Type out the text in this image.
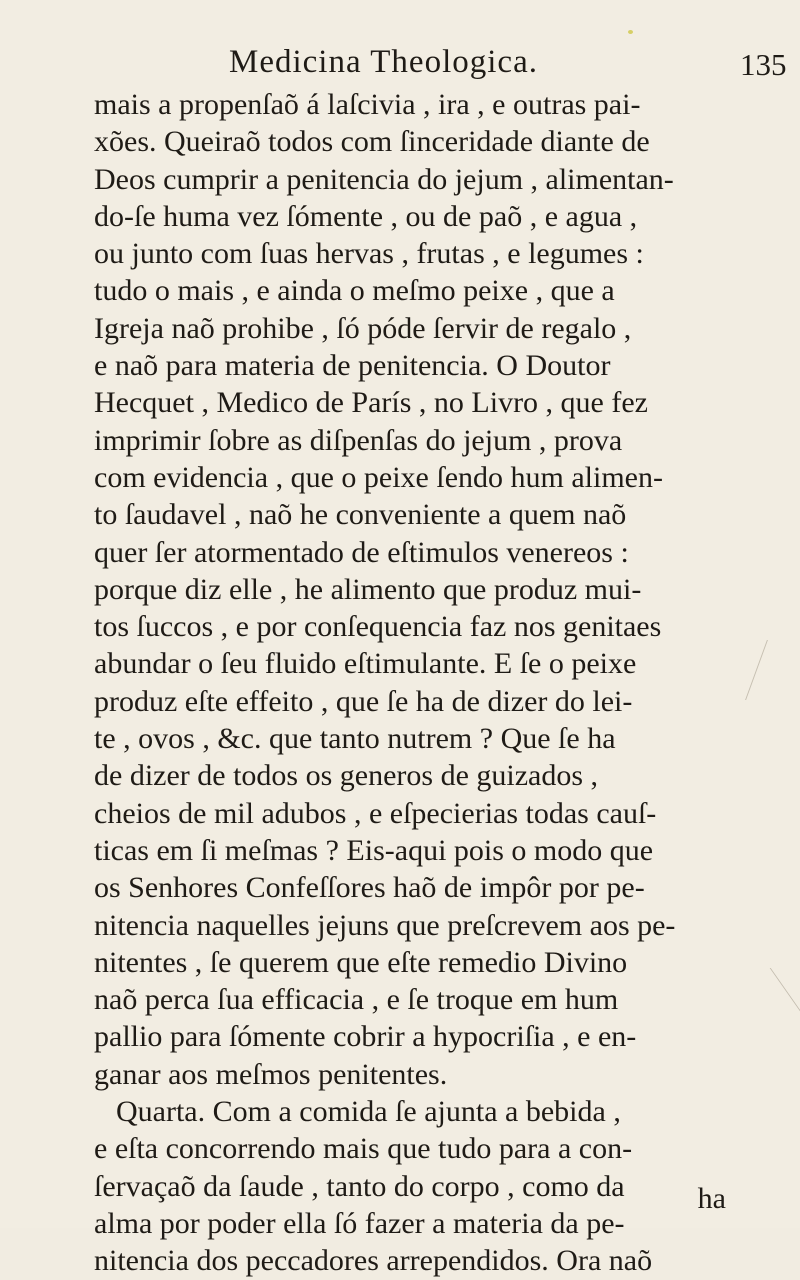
Medicina Theologica.	135
mais a propenſaõ á laſcivia , ira , e outras pai-
xões. Queiraõ todos com ſinceridade diante de
Deos cumprir a penitencia do jejum , alimentan-
do-ſe huma vez ſómente , ou de paõ , e agua ,
ou junto com ſuas hervas , frutas , e legumes :
tudo o mais , e ainda o meſmo peixe , que a
Igreja naõ prohibe , ſó póde ſervir de regalo ,
e naõ para materia de penitencia. O Doutor
Hecquet , Medico de París , no Livro , que fez
imprimir ſobre as diſpenſas do jejum , prova
com evidencia , que o peixe ſendo hum alimen-
to ſaudavel , naõ he conveniente a quem naõ
quer ſer atormentado de eſtimulos venereos :
porque diz elle , he alimento que produz mui-
tos ſuccos , e por conſequencia faz nos genitaes
abundar o ſeu fluido eſtimulante. E ſe o peixe
produz eſte effeito , que ſe ha de dizer do lei-
te , ovos , &c. que tanto nutrem ? Que ſe ha
de dizer de todos os generos de guizados ,
cheios de mil adubos , e eſpecierias todas cauſ-
ticas em ſi meſmas ? Eis-aqui pois o modo que
os Senhores Confeſſores haõ de impôr por pe-
nitencia naquelles jejuns que preſcrevem aos pe-
nitentes , ſe querem que eſte remedio Divino
naõ perca ſua efficacia , e ſe troque em hum
pallio para ſómente cobrir a hypocriſia , e en-
ganar aos meſmos penitentes.
Quarta. Com a comida ſe ajunta a bebida ,
e eſta concorrendo mais que tudo para a con-
ſervaçaõ da ſaude , tanto do corpo , como da
alma por poder ella ſó fazer a materia da pe-
nitencia dos peccadores arrependidos. Ora naõ
ha
